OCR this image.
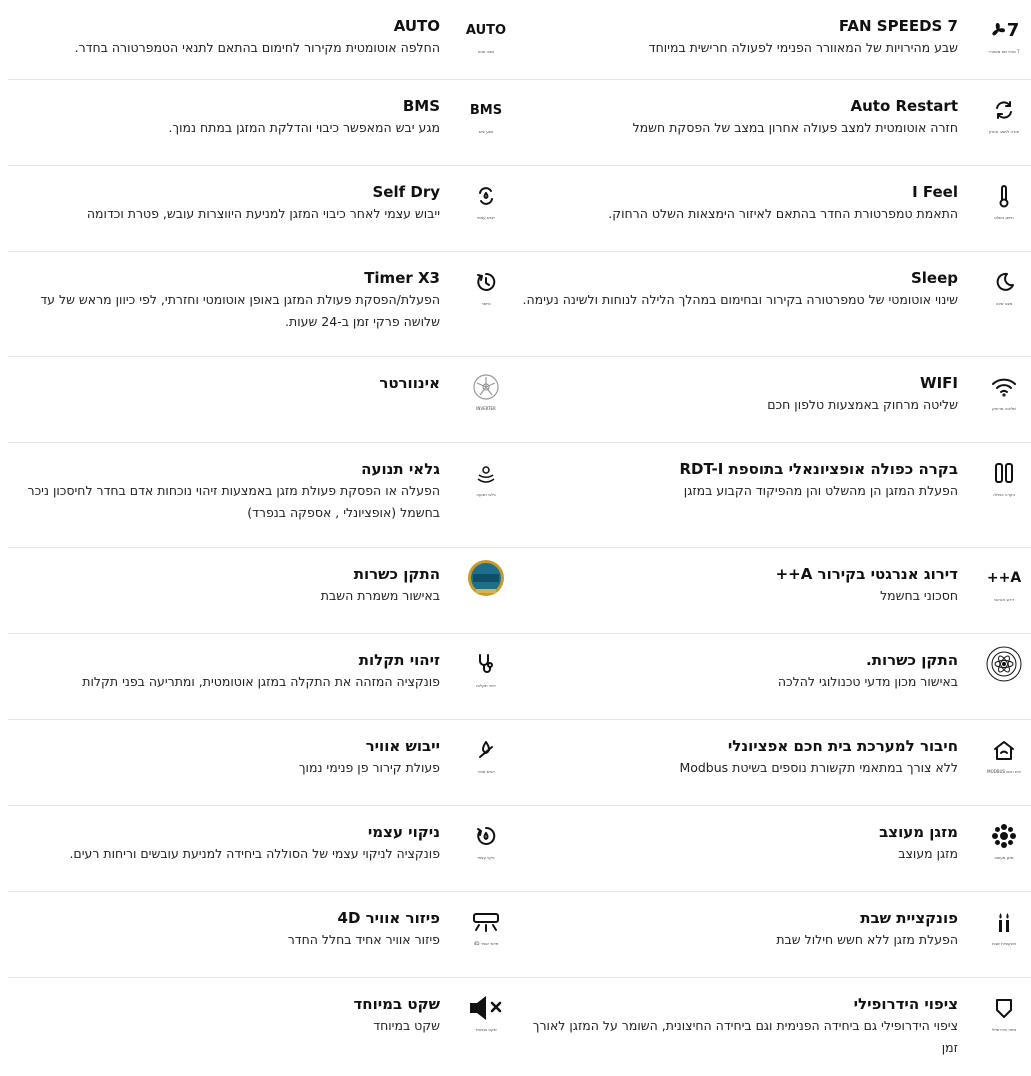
7
7 מהירויות מאוורר
FAN SPEEDS 7
שבע מהירויות של המאוורר הפנימי לפעולה חרישית במיוחד
AUTO
מצב אוטו
AUTO
החלפה אוטומטית מקירור לחימום בהתאם לתנאי הטמפרטורה בחדר.
חזרה למצב אחרון
Auto Restart
חזרה אוטומטית למצב פעולה אחרון במצב של הפסקת חשמל
BMS
מגע יבש
BMS
מגע יבש המאפשר כיבוי והדלקת המזגן במתח נמוך.
חיישן בשלט
I Feel
התאמת טמפרטורת החדר בהתאם לאיזור הימצאות השלט הרחוק.
ייבוש עצמי
Self Dry
ייבוש עצמי לאחר כיבוי המזגן למניעת היווצרות עובש, פטרת וכדומה
מצב שינה
Sleep
שינוי אוטומטי של טמפרטורה בקירור ובחימום במהלך הלילה לנוחות ולשינה נעימה.
טיימר
Timer X3
הפעלת/הפסקת פעולת המזגן באופן אוטומטי וחזרתי, לפי כיוון מראש של עד שלושה פרקי זמן ב-24 שעות.
שליטה מרחוק
WIFI
שליטה מרחוק באמצעות טלפון חכם
INVERTER
אינוורטר
בקרה כפולה
בקרה כפולה אופציונאלי בתוספת RDT-I
הפעלת המזגן הן מהשלט והן מהפיקוד הקבוע במזגן
גלאי תנועה
גלאי תנועה
הפעלה או הפסקת פעולת מזגן באמצעות זיהוי נוכחות אדם בחדר לחיסכון ניכר בחשמל (אופציונלי , אספקה בנפרד)
A++
דירוג אנרגטי
דירוג אנרגטי בקירור A++
חסכוני בחשמל
התקן כשרות
באישור משמרת השבת
התקן כשרות.
באישור מכון מדעי טכנולוגי להלכה
זיהוי תקלות
זיהוי תקלות
פונקציה המזהה את התקלה במזגן אוטומטית, ומתריעה בפני תקלות
בית חכם MODBUS
חיבור למערכת בית חכם אפציונלי
ללא צורך במתאמי תקשורת נוספים בשיטת Modbus
ייבוש אוויר
ייבוש אוויר
פעולת קירור פן פנימי נמוך
מזגן מעוצב
מזגן מעוצב
מזגן מעוצב
ניקוי עצמי
ניקוי עצמי
פונקציה לניקוי עצמי של הסוללה ביחידה למניעת עובשים וריחות רעים.
פונקציית שבת
פונקציית שבת
הפעלת מזגן ללא חשש חילול שבת
פיזור אוויר 4D
פיזור אוויר 4D
פיזור אוויר אחיד בחלל החדר
ציפוי הידרופילי
ציפוי הידרופילי
ציפוי הידרופילי גם ביחידה הפנימית וגם ביחידה החיצונית, השומר על המזגן לאורך זמן
שקט במיוחד
שקט במיוחד
שקט במיוחד
